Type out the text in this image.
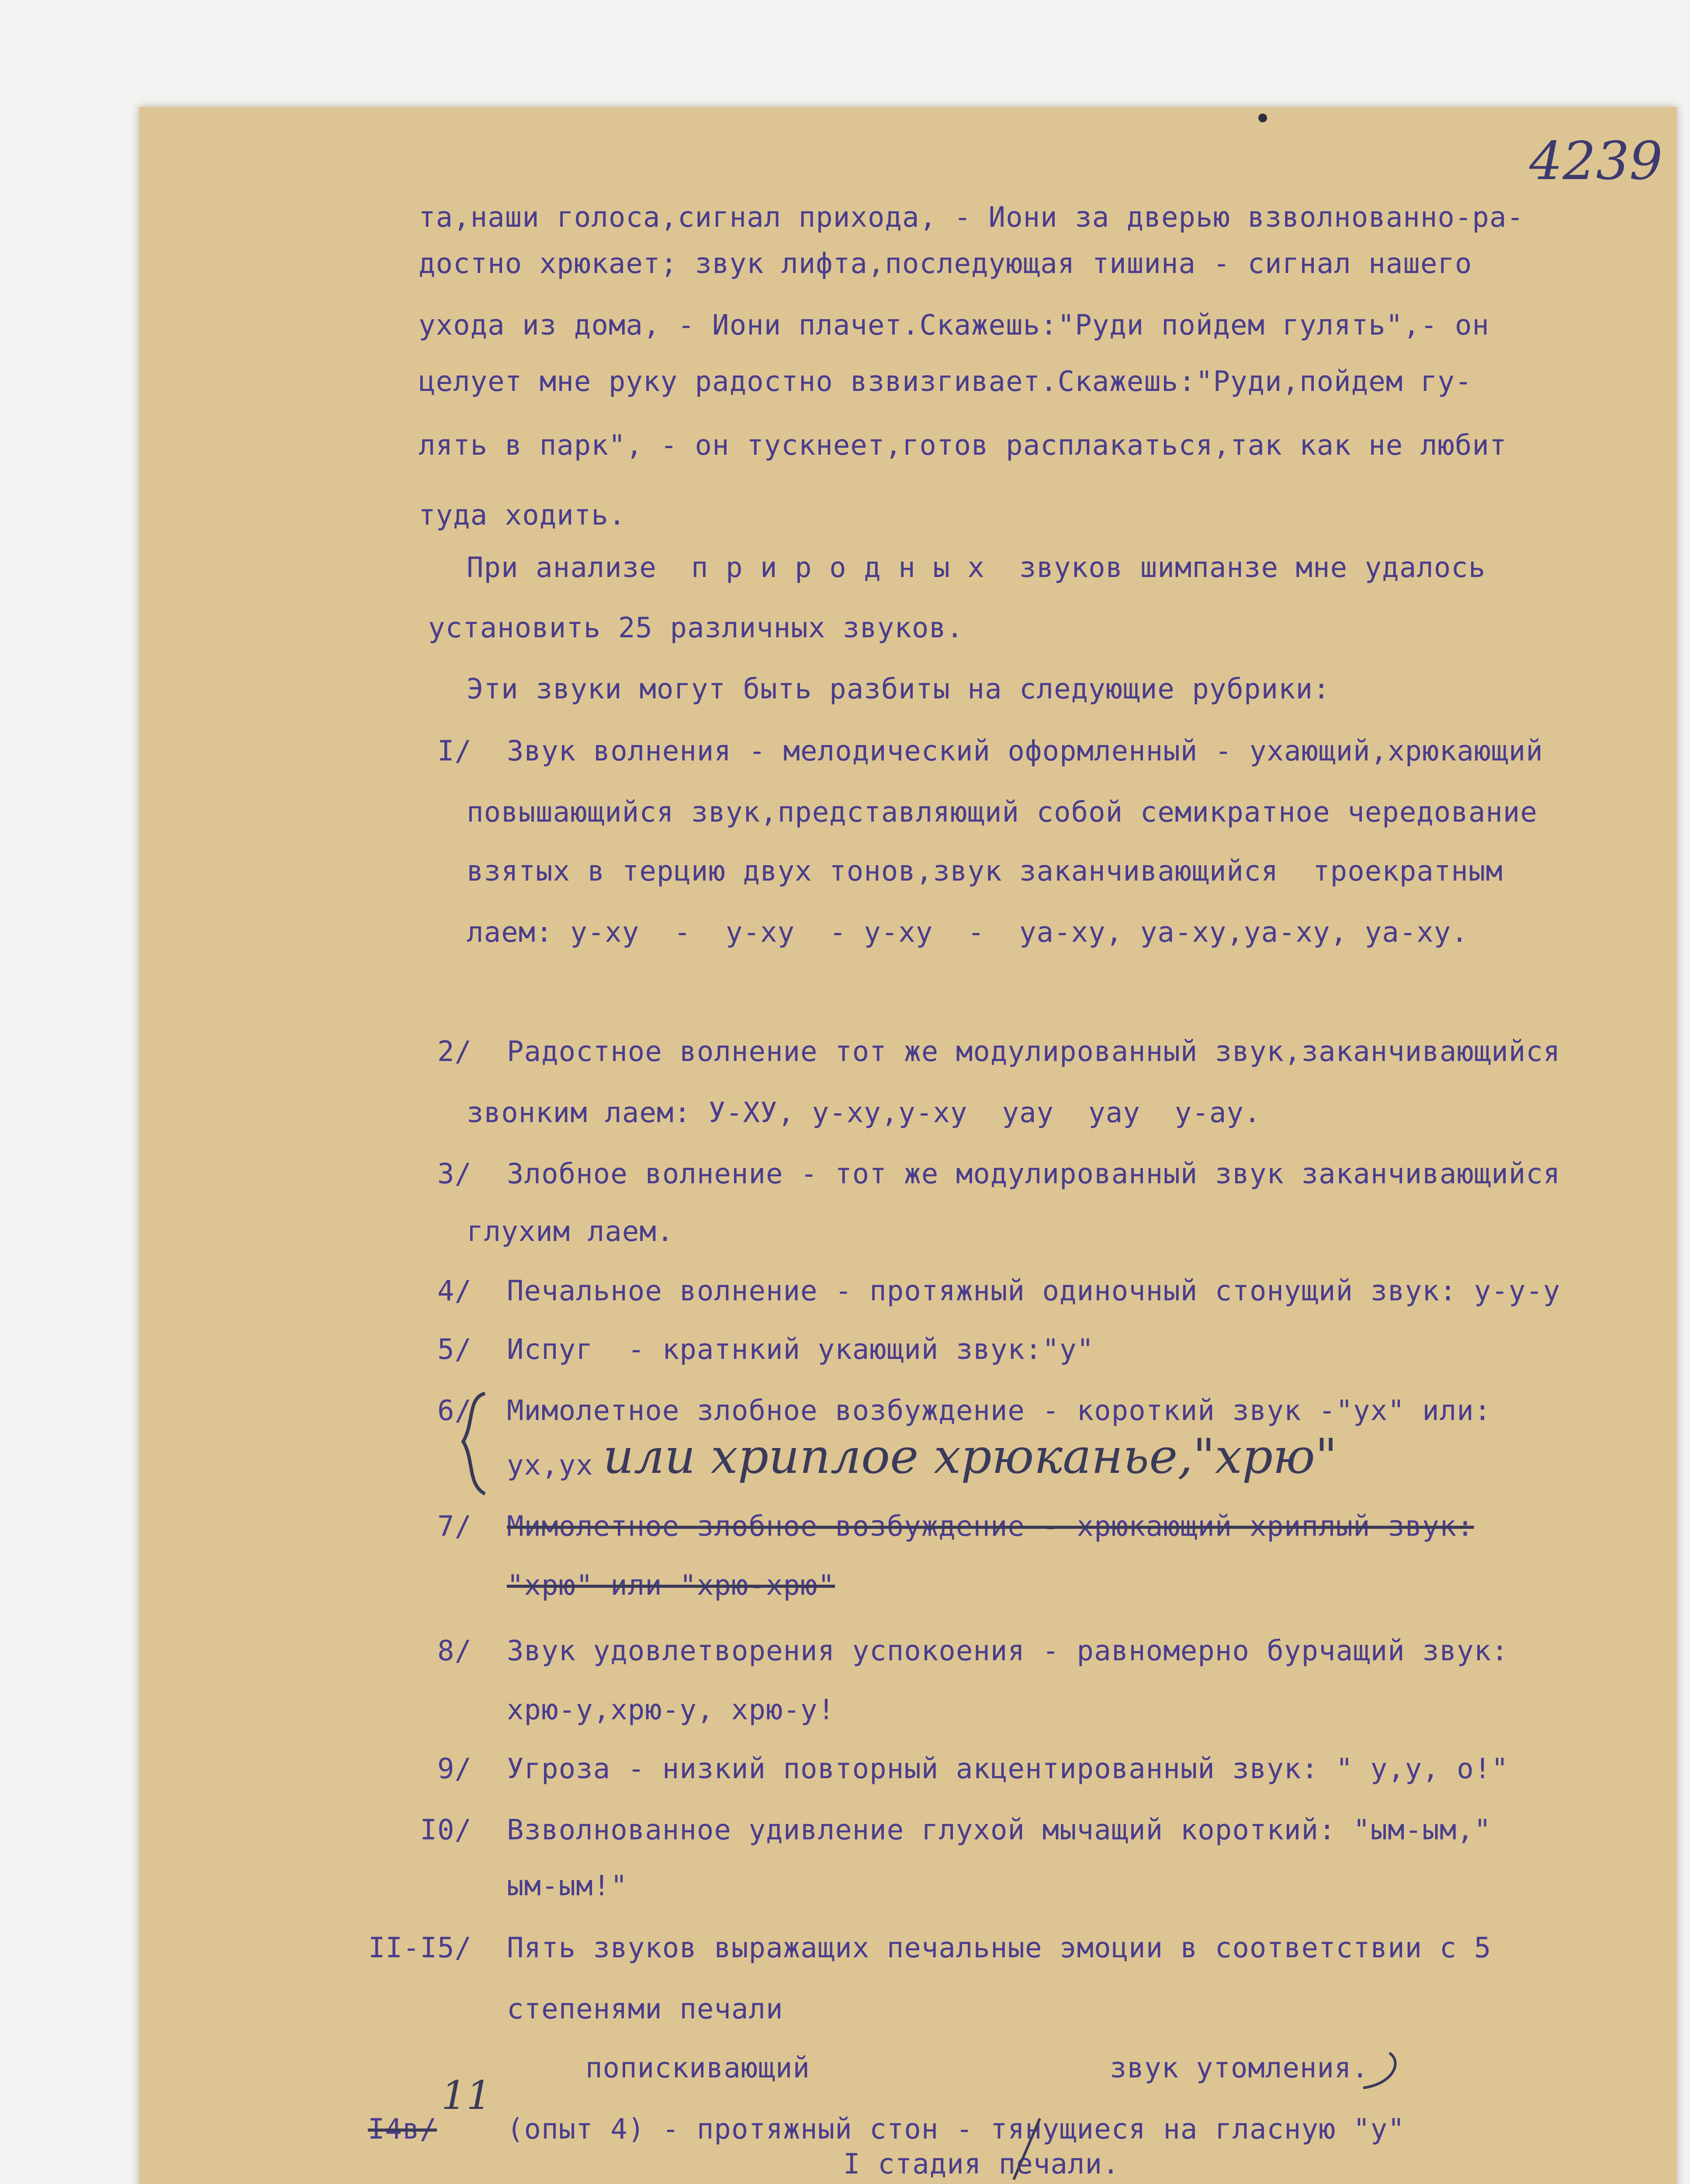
4239
та,наши голоса,сигнал прихода, - Иони за дверью взволнованно-ра-
достно хрюкает; звук лифта,последующая тишина - сигнал нашего
ухода из дома, - Иони плачет.Скажешь:"Руди пойдем гулять",- он
целует мне руку радостно взвизгивает.Скажешь:"Руди,пойдем гу-
лять в парк", - он тускнеет,готов расплакаться,так как не любит
туда ходить.
При анализе  п р и р о д н ы х  звуков шимпанзе мне удалось
установить 25 различных звуков.
Эти звуки могут быть разбиты на следующие рубрики:
I/ Звук волнения - мелодический оформленный - ухающий,хрюкающий
повышающийся звук,представляющий собой семикратное чередование
взятых в терцию двух тонов,звук заканчивающийся  троекратным
лаем: у-ху  -  у-ху  - у-ху  -  уа-ху, уа-ху,уа-ху, уа-ху.
2/ Радостное волнение тот же модулированный звук,заканчивающийся
звонким лаем: У-ХУ, у-ху,у-ху  уау  уау  у-ау.
3/ Злобное волнение - тот же модулированный звук заканчивающийся
глухим лаем.
4/ Печальное волнение - протяжный одиночный стонущий звук: у-у-у
5/ Испуг  - кратнкий укающий звук:"у"
6/ Мимолетное злобное возбуждение - короткий звук -"ух" или:
ух,ух или хриплое хрюканье,"хрю"
7/ Мимолетное злобное возбуждение - хрюкающий хриплый звук:
"хрю" или "хрю-хрю"
8/ Звук удовлетворения успокоения - равномерно бурчащий звук:
хрю-у,хрю-у, хрю-у!
9/ Угроза - низкий повторный акцентированный звук: " у,у, о!"
I0/ Взволнованное удивление глухой мычащий короткий: "ым-ым,"
ым-ым!"
II-I5/ Пять звуков выражащих печальные эмоции в соответствии с 5
степенями печали
попискивающий	звук утомления.
I4в/
11
(опыт 4) - протяжный стон - тянущиеся на гласную "у"
I стадия печали.
